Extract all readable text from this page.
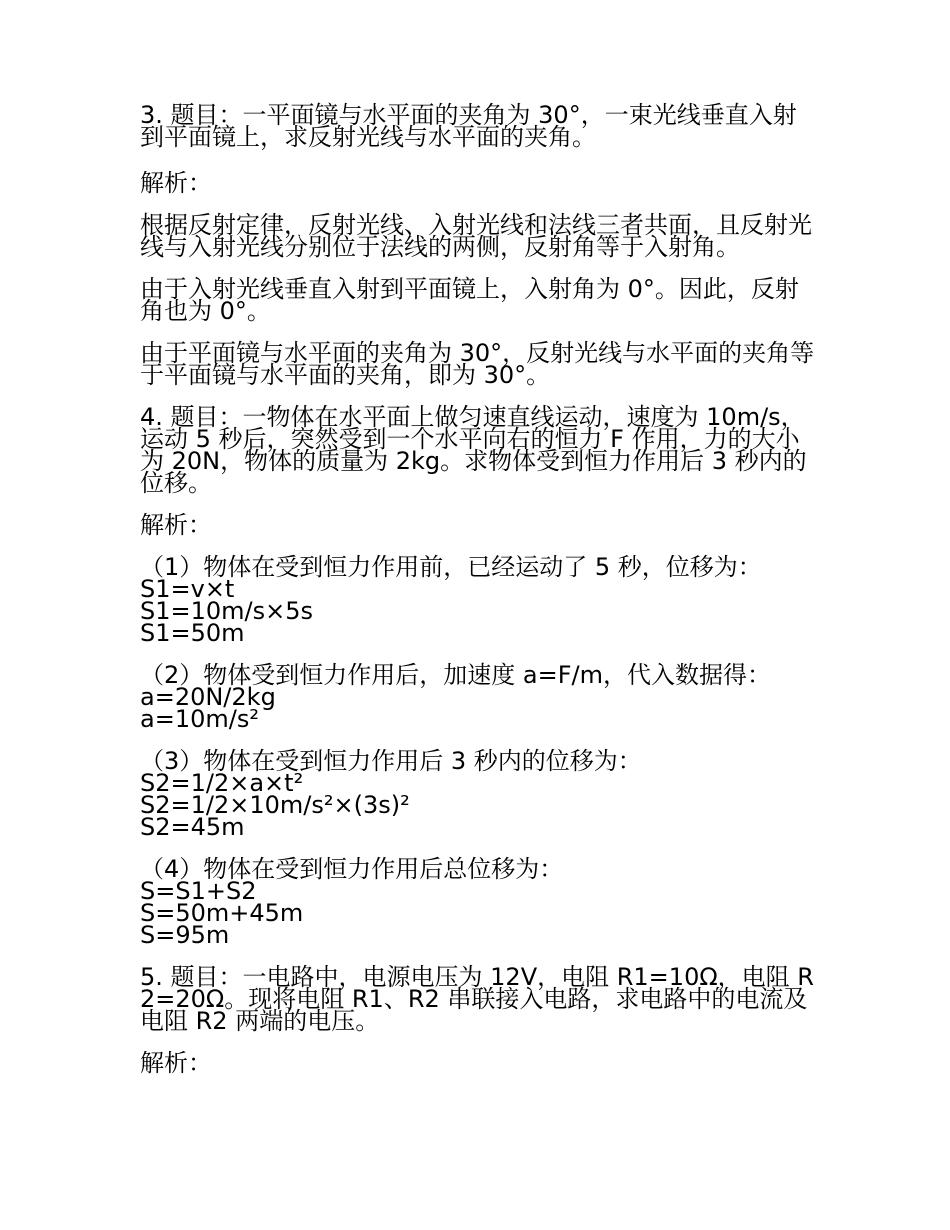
3. 题目：一平面镜与水平面的夹角为 30°，一束光线垂直入射到平面镜上，求反射光线与水平面的夹角。

解析：

根据反射定律，反射光线、入射光线和法线三者共面，且反射光线与入射光线分别位于法线的两侧，反射角等于入射角。

由于入射光线垂直入射到平面镜上，入射角为 0°。因此，反射角也为 0°。

由于平面镜与水平面的夹角为 30°，反射光线与水平面的夹角等于平面镜与水平面的夹角，即为 30°。

4. 题目：一物体在水平面上做匀速直线运动，速度为 10m/s，运动 5 秒后，突然受到一个水平向右的恒力 F 作用，力的大小为 20N，物体的质量为 2kg。求物体受到恒力作用后 3 秒内的位移。

解析：

（1）物体在受到恒力作用前，已经运动了 5 秒，位移为：
S1=v×t
S1=10m/s×5s
S1=50m
（2）物体受到恒力作用后，加速度 a=F/m，代入数据得：
a=20N/2kg
a=10m/s²
（3）物体在受到恒力作用后 3 秒内的位移为：
S2=1/2×a×t²
S2=1/2×10m/s²×(3s)²
S2=45m
（4）物体在受到恒力作用后总位移为：
S=S1+S2
S=50m+45m
S=95m

5. 题目：一电路中，电源电压为 12V，电阻 R1=10Ω，电阻 R2=20Ω。现将电阻 R1、R2 串联接入电路，求电路中的电流及电阻 R2 两端的电压。

解析：
